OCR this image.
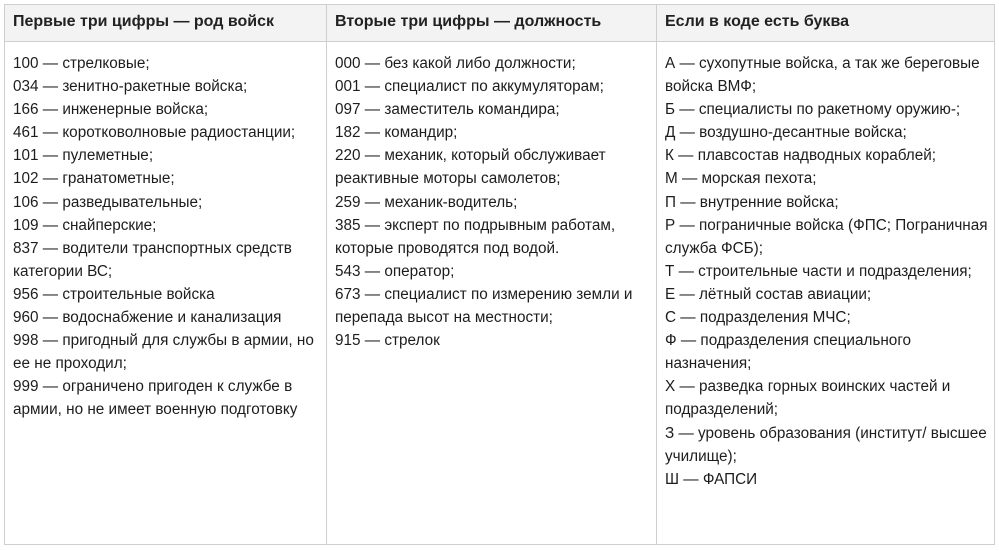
Первые три цифры — род войск
100 — стрелковые;
034 — зенитно-ракетные войска;
166 — инженерные войска;
461 — коротковолновые радиостанции;
101 — пулеметные;
102 — гранатометные;
106 — разведывательные;
109 — снайперские;
837 — водители транспортных средств категории ВС;
956 — строительные войска
960 — водоснабжение и канализация
998 — пригодный для службы в армии, но ее не проходил;
999 — ограничено пригоден к службе в армии, но не имеет военную подготовку
Вторые три цифры — должность
000 — без какой либо должности;
001 — специалист по аккумуляторам;
097 — заместитель командира;
182 — командир;
220 — механик, который обслуживает реактивные моторы самолетов;
259 — механик-водитель;
385 — эксперт по подрывным работам, которые проводятся под водой.
543 — оператор;
673 — специалист по измерению земли и перепада высот на местности;
915 — стрелок
Если в коде есть буква
А — сухопутные войска, а так же береговые войска ВМФ;
Б — специалисты по ракетному оружию-;
Д — воздушно-десантные войска;
К — плавсостав надводных кораблей;
М — морская пехота;
П — внутренние войска;
Р — пограничные войска (ФПС; Пограничная служба ФСБ);
Т — строительные части и подразделения;
Е — лётный состав авиации;
С — подразделения МЧС;
Ф — подразделения специального назначения;
Х — разведка горных воинских частей и подразделений;
З — уровень образования (институт/ высшее училище);
Ш — ФАПСИ
